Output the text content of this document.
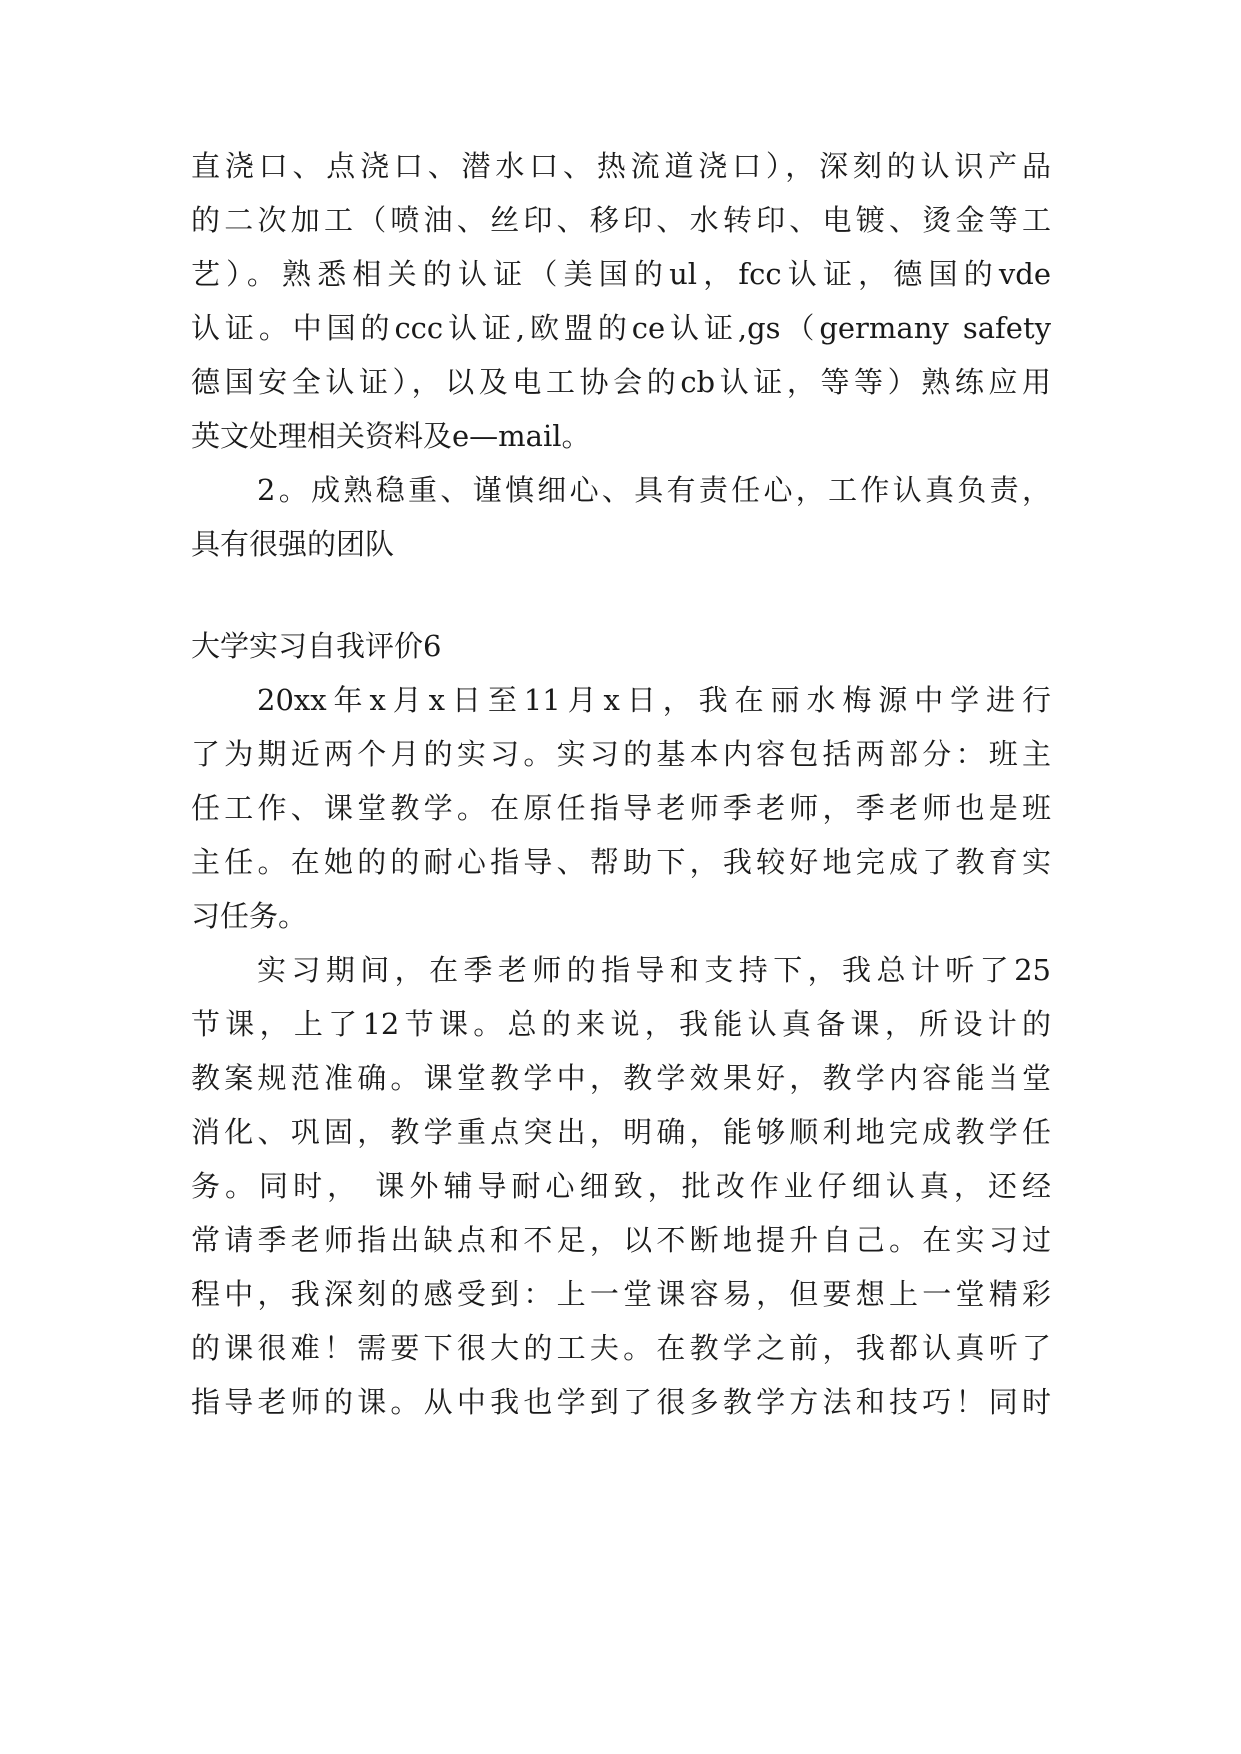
直浇口、点浇口、潜水口、热流道浇口），深刻的认识产品
的二次加工（喷油、丝印、移印、水转印、电镀、烫金等工
艺）。熟悉相关的认证（美国的ul，fcc认证，德国的vde
认证。中国的ccc认证,欧盟的ce认证,gs（germany safety
德国安全认证），以及电工协会的cb认证，等等）熟练应用
英文处理相关资料及e—mail。
2。成熟稳重、谨慎细心、具有责任心，工作认真负责，
具有很强的团队
大学实习自我评价6
20xx年x月x日至11月x日，我在丽水梅源中学进行
了为期近两个月的实习。实习的基本内容包括两部分：班主
任工作、课堂教学。在原任指导老师季老师，季老师也是班
主任。在她的的耐心指导、帮助下，我较好地完成了教育实
习任务。
实习期间，在季老师的指导和支持下，我总计听了25
节课，上了12节课。总的来说，我能认真备课，所设计的
教案规范准确。课堂教学中，教学效果好，教学内容能当堂
消化、巩固，教学重点突出，明确，能够顺利地完成教学任
务。同时， 课外辅导耐心细致，批改作业仔细认真，还经
常请季老师指出缺点和不足，以不断地提升自己。在实习过
程中，我深刻的感受到：上一堂课容易，但要想上一堂精彩
的课很难！需要下很大的工夫。在教学之前，我都认真听了
指导老师的课。从中我也学到了很多教学方法和技巧！同时
